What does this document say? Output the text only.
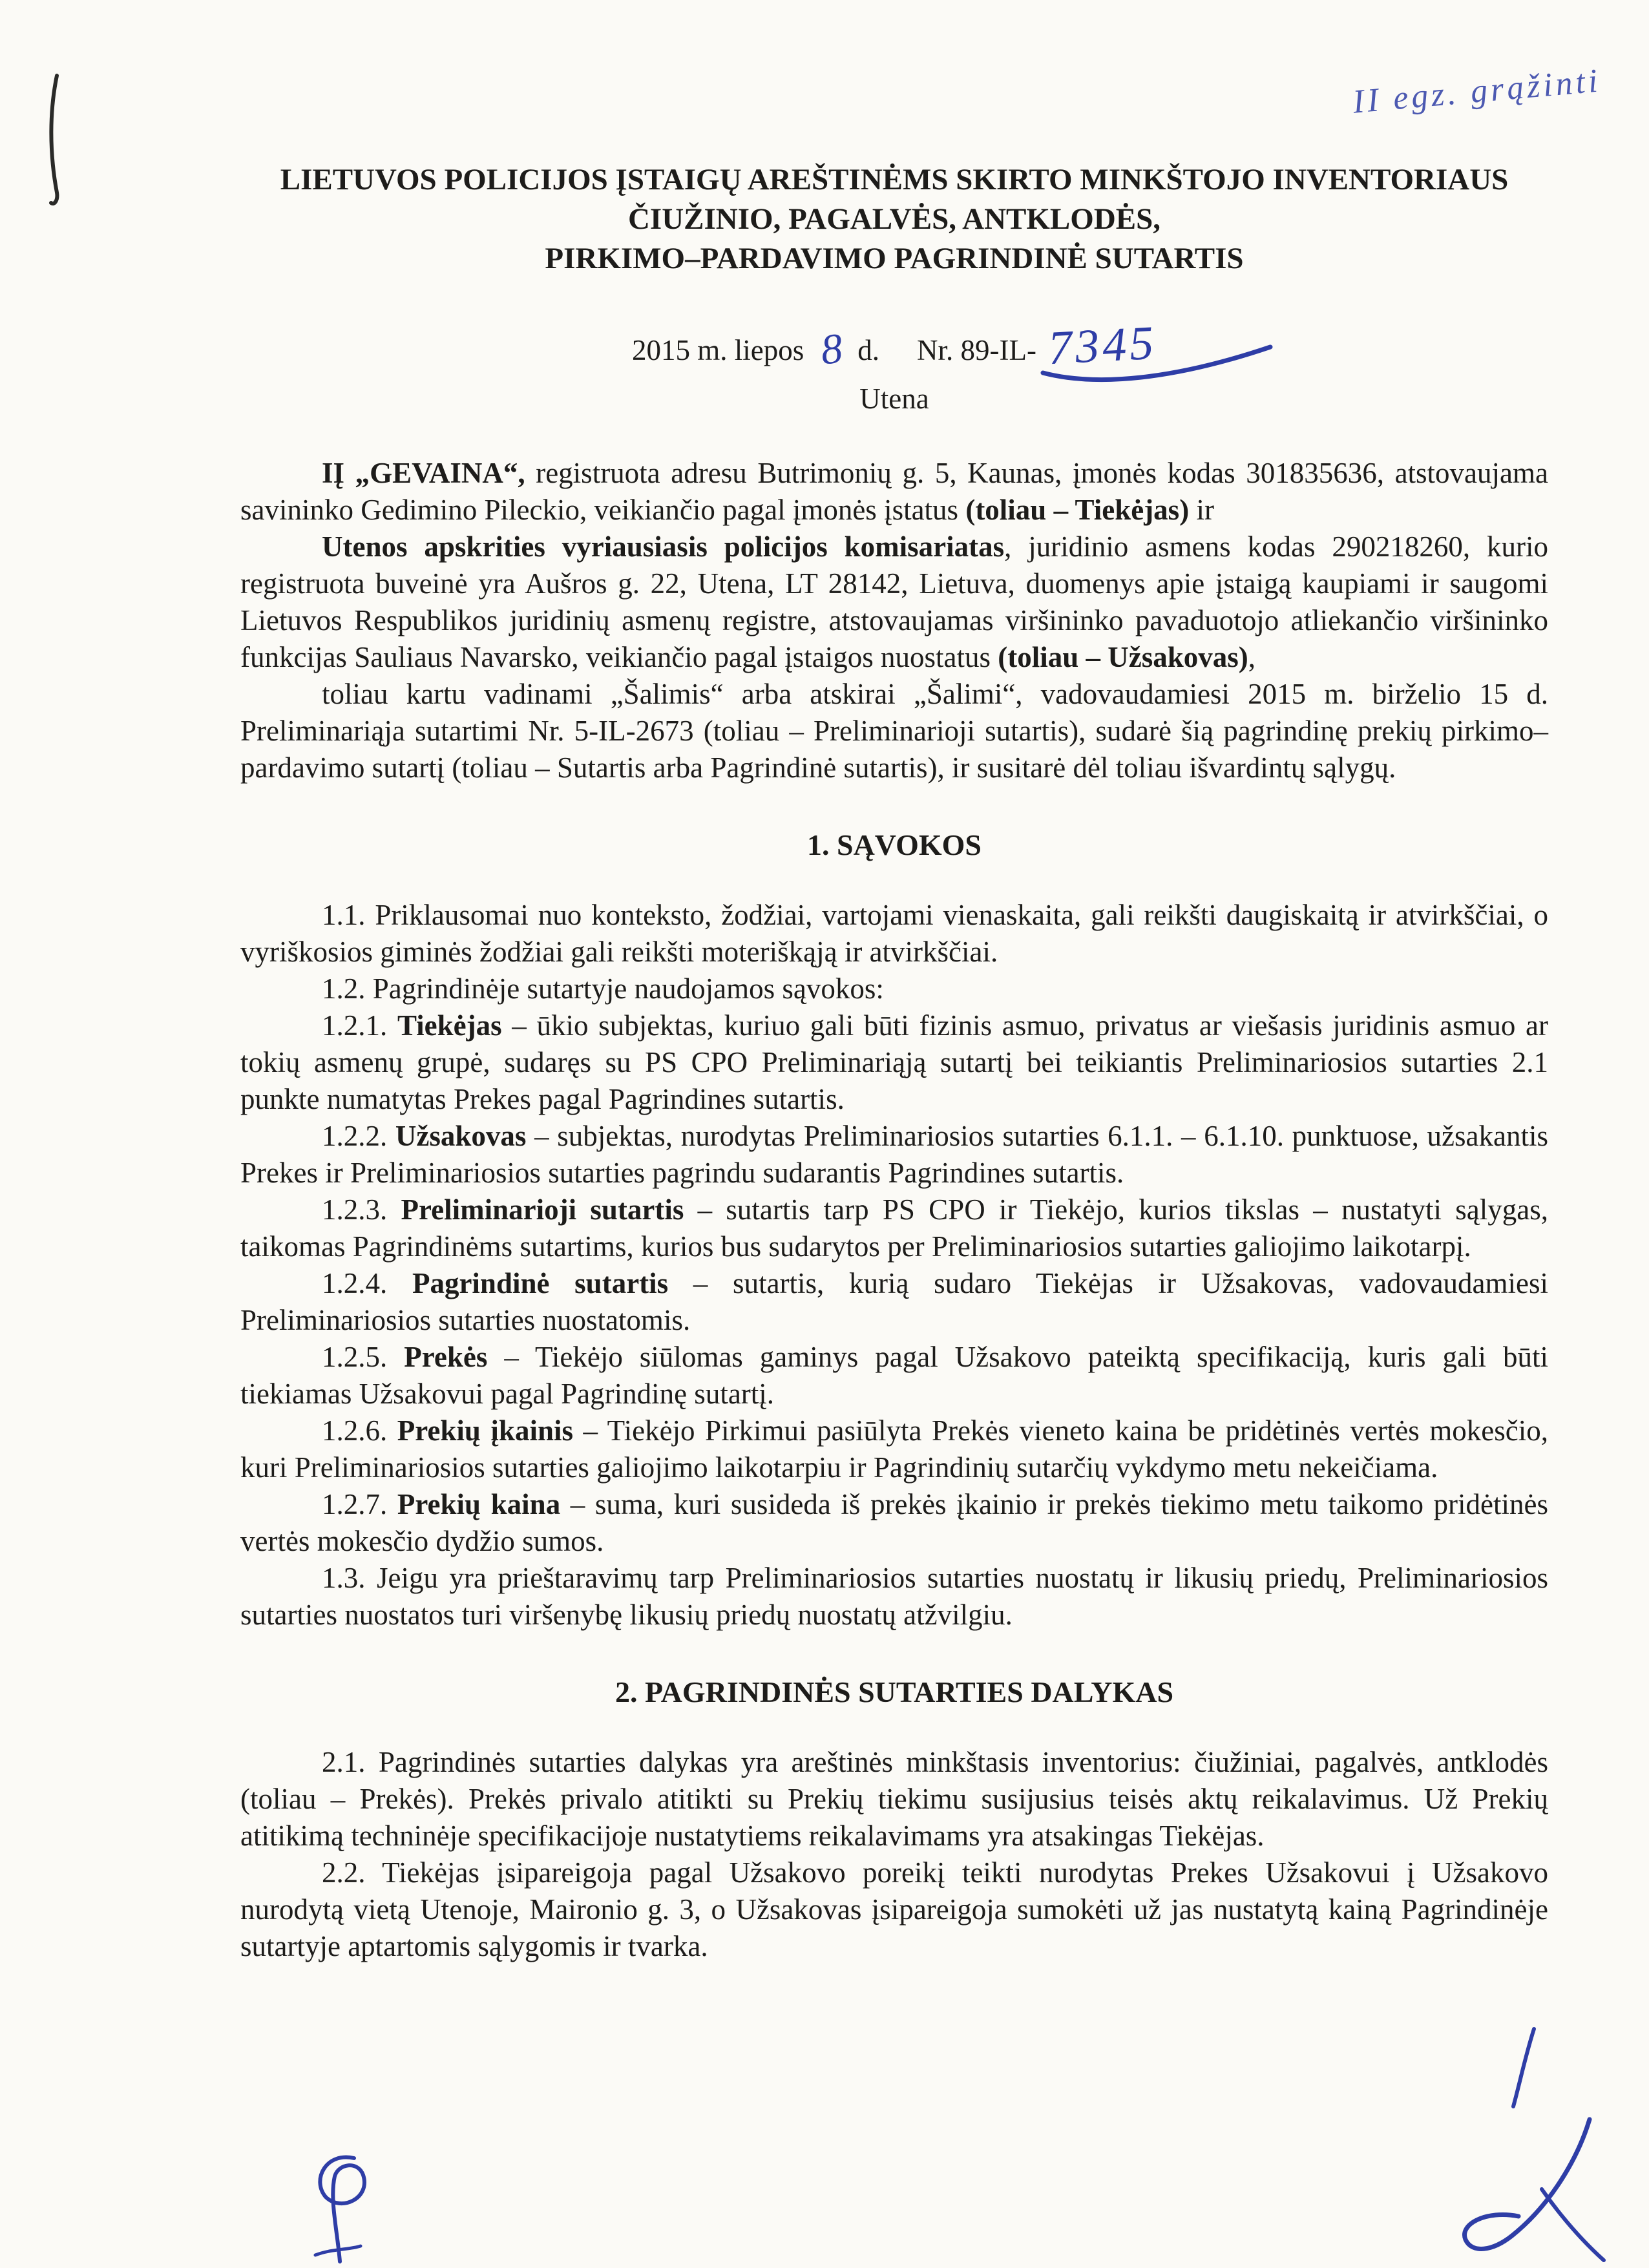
II egz. grąžinti
LIETUVOS POLICIJOS ĮSTAIGŲ AREŠTINĖMS SKIRTO MINKŠTOJO INVENTORIAUS
ČIUŽINIO, PAGALVĖS, ANTKLODĖS,
PIRKIMO–PARDAVIMO PAGRINDINĖ SUTARTIS
2015 m. liepos 8 d. Nr. 89-IL- 7345
Utena

IĮ „GEVAINA“, registruota adresu Butrimonių g. 5, Kaunas, įmonės kodas 301835636, atstovaujama savininko Gedimino Pileckio, veikiančio pagal įmonės įstatus (toliau – Tiekėjas) ir

Utenos apskrities vyriausiasis policijos komisariatas, juridinio asmens kodas 290218260, kurio registruota buveinė yra Aušros g. 22, Utena, LT 28142, Lietuva, duomenys apie įstaigą kaupiami ir saugomi Lietuvos Respublikos juridinių asmenų registre, atstovaujamas viršininko pavaduotojo atliekančio viršininko funkcijas Sauliaus Navarsko, veikiančio pagal įstaigos nuostatus (toliau – Užsakovas),

toliau kartu vadinami „Šalimis“ arba atskirai „Šalimi“, vadovaudamiesi 2015 m. birželio 15 d. Preliminariąja sutartimi Nr. 5-IL-2673 (toliau – Preliminarioji sutartis), sudarė šią pagrindinę prekių pirkimo–pardavimo sutartį (toliau – Sutartis arba Pagrindinė sutartis), ir susitarė dėl toliau išvardintų sąlygų.

1. SĄVOKOS

1.1. Priklausomai nuo konteksto, žodžiai, vartojami vienaskaita, gali reikšti daugiskaitą ir atvirkščiai, o vyriškosios giminės žodžiai gali reikšti moteriškąją ir atvirkščiai.

1.2. Pagrindinėje sutartyje naudojamos sąvokos:

1.2.1. Tiekėjas – ūkio subjektas, kuriuo gali būti fizinis asmuo, privatus ar viešasis juridinis asmuo ar tokių asmenų grupė, sudaręs su PS CPO Preliminariąją sutartį bei teikiantis Preliminariosios sutarties 2.1 punkte numatytas Prekes pagal Pagrindines sutartis.

1.2.2. Užsakovas – subjektas, nurodytas Preliminariosios sutarties 6.1.1. – 6.1.10. punktuose, užsakantis Prekes ir Preliminariosios sutarties pagrindu sudarantis Pagrindines sutartis.

1.2.3. Preliminarioji sutartis – sutartis tarp PS CPO ir Tiekėjo, kurios tikslas – nustatyti sąlygas, taikomas Pagrindinėms sutartims, kurios bus sudarytos per Preliminariosios sutarties galiojimo laikotarpį.

1.2.4. Pagrindinė sutartis – sutartis, kurią sudaro Tiekėjas ir Užsakovas, vadovaudamiesi Preliminariosios sutarties nuostatomis.

1.2.5. Prekės – Tiekėjo siūlomas gaminys pagal Užsakovo pateiktą specifikaciją, kuris gali būti tiekiamas Užsakovui pagal Pagrindinę sutartį.

1.2.6. Prekių įkainis – Tiekėjo Pirkimui pasiūlyta Prekės vieneto kaina be pridėtinės vertės mokesčio, kuri Preliminariosios sutarties galiojimo laikotarpiu ir Pagrindinių sutarčių vykdymo metu nekeičiama.

1.2.7. Prekių kaina – suma, kuri susideda iš prekės įkainio ir prekės tiekimo metu taikomo pridėtinės vertės mokesčio dydžio sumos.

1.3. Jeigu yra prieštaravimų tarp Preliminariosios sutarties nuostatų ir likusių priedų, Preliminariosios sutarties nuostatos turi viršenybę likusių priedų nuostatų atžvilgiu.

2. PAGRINDINĖS SUTARTIES DALYKAS

2.1. Pagrindinės sutarties dalykas yra areštinės minkštasis inventorius: čiužiniai, pagalvės, antklodės (toliau – Prekės). Prekės privalo atitikti su Prekių tiekimu susijusius teisės aktų reikalavimus. Už Prekių atitikimą techninėje specifikacijoje nustatytiems reikalavimams yra atsakingas Tiekėjas.

2.2. Tiekėjas įsipareigoja pagal Užsakovo poreikį teikti nurodytas Prekes Užsakovui į Užsakovo nurodytą vietą Utenoje, Maironio g. 3, o Užsakovas įsipareigoja sumokėti už jas nustatytą kainą Pagrindinėje sutartyje aptartomis sąlygomis ir tvarka.
